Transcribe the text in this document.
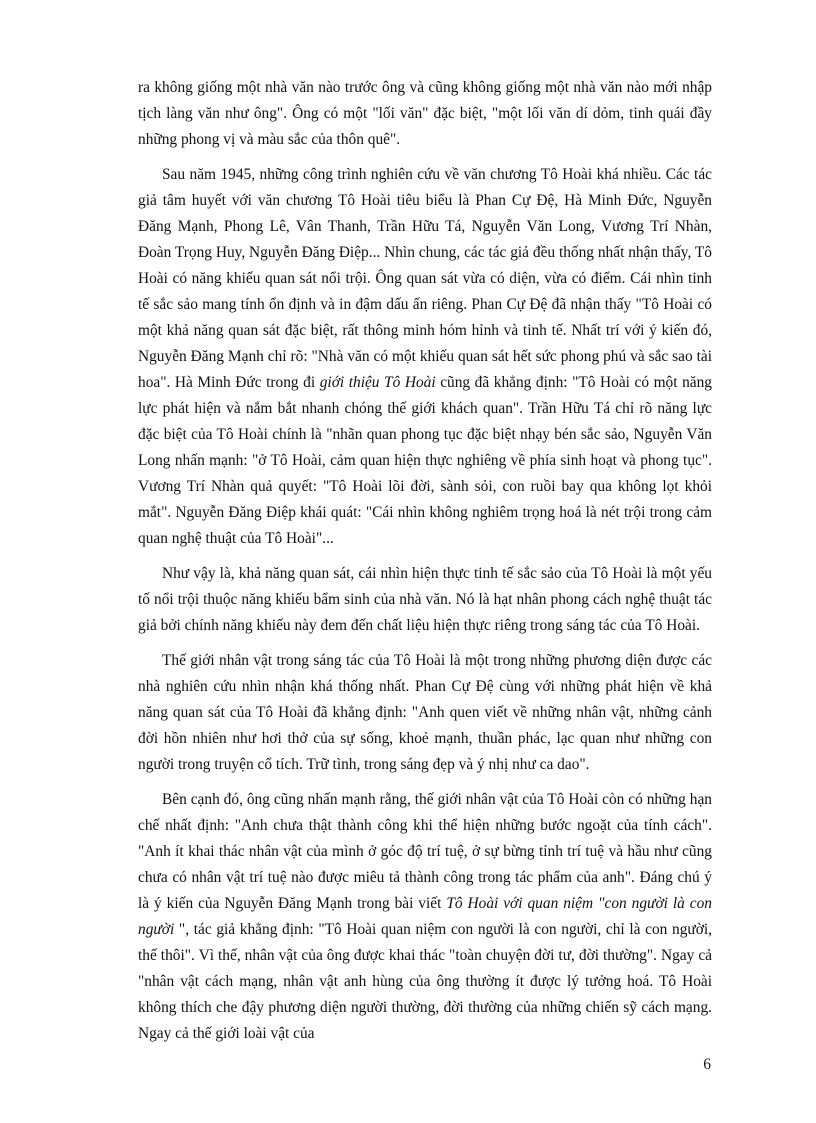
ra không giống một nhà văn nào trước ông và cũng không giống một nhà văn nào mới nhập tịch làng văn như ông". Ông có một "lối văn" đặc biệt, "một lối văn dí dỏm, tinh quái đầy những phong vị và màu sắc của thôn quê".

Sau năm 1945, những công trình nghiên cứu về văn chương Tô Hoài khá nhiều. Các tác giả tâm huyết với văn chương Tô Hoài tiêu biểu là Phan Cự Đệ, Hà Minh Đức, Nguyễn Đăng Mạnh, Phong Lê, Vân Thanh, Trần Hữu Tá, Nguyễn Văn Long, Vương Trí Nhàn, Đoàn Trọng Huy, Nguyễn Đăng Điệp... Nhìn chung, các tác giả đều thống nhất nhận thấy, Tô Hoài có năng khiếu quan sát nổi trội. Ông quan sát vừa có diện, vừa có điểm. Cái nhìn tinh tế sắc sảo mang tính ổn định và in đậm dấu ấn riêng. Phan Cự Đệ đã nhận thấy "Tô Hoài có một khả năng quan sát đặc biệt, rất thông minh hóm hỉnh và tinh tế. Nhất trí với ý kiến đó, Nguyễn Đăng Mạnh chỉ rõ: "Nhà văn có một khiếu quan sát hết sức phong phú và sắc sao tài hoa". Hà Minh Đức trong đi giới thiệu Tô Hoài cũng đã khẳng định: "Tô Hoài có một năng lực phát hiện và nắm bắt nhanh chóng thế giới khách quan". Trần Hữu Tá chỉ rõ năng lực đặc biệt của Tô Hoài chính là "nhãn quan phong tục đặc biệt nhạy bén sắc sảo, Nguyễn Văn Long nhấn mạnh: "ở Tô Hoài, cảm quan hiện thực nghiêng về phía sinh hoạt và phong tục". Vương Trí Nhàn quả quyết: "Tô Hoài lõi đời, sành sỏi, con ruồi bay qua không lọt khỏi mắt". Nguyễn Đăng Điệp khái quát: "Cái nhìn không nghiêm trọng hoá là nét trội trong cảm quan nghệ thuật của Tô Hoài"...

Như vậy là, khả năng quan sát, cái nhìn hiện thực tinh tế sắc sảo của Tô Hoài là một yếu tố nổi trội thuộc năng khiếu bẩm sinh của nhà văn. Nó là hạt nhân phong cách nghệ thuật tác giả bởi chính năng khiếu này đem đến chất liệu hiện thực riêng trong sáng tác của Tô Hoài.

Thế giới nhân vật trong sáng tác của Tô Hoài là một trong những phương diện được các nhà nghiên cứu nhìn nhận khá thống nhất. Phan Cự Đệ cùng với những phát hiện về khả năng quan sát của Tô Hoài đã khẳng định: "Anh quen viết về những nhân vật, những cảnh đời hồn nhiên như hơi thở của sự sống, khoẻ mạnh, thuần phác, lạc quan như những con người trong truyện cổ tích. Trữ tình, trong sáng đẹp và ý nhị như ca dao".

Bên cạnh đó, ông cũng nhấn mạnh rằng, thế giới nhân vật của Tô Hoài còn có những hạn chế nhất định: "Anh chưa thật thành công khi thể hiện những bước ngoặt của tính cách". "Anh ít khai thác nhân vật của mình ở góc độ trí tuệ, ở sự bừng tỉnh trí tuệ và hầu như cũng chưa có nhân vật trí tuệ nào được miêu tả thành công trong tác phẩm của anh". Đáng chú ý là ý kiến của Nguyễn Đăng Mạnh trong bài viết Tô Hoài với quan niệm "con người là con người ", tác giả khẳng định: "Tô Hoài quan niệm con người là con người, chỉ là con người, thế thôi". Vì thế, nhân vật của ông được khai thác "toàn chuyện đời tư, đời thường". Ngay cả "nhân vật cách mạng, nhân vật anh hùng của ông thường ít được lý tưởng hoá. Tô Hoài không thích che đậy phương diện người thường, đời thường của những chiến sỹ cách mạng. Ngay cả thế giới loài vật của

6
